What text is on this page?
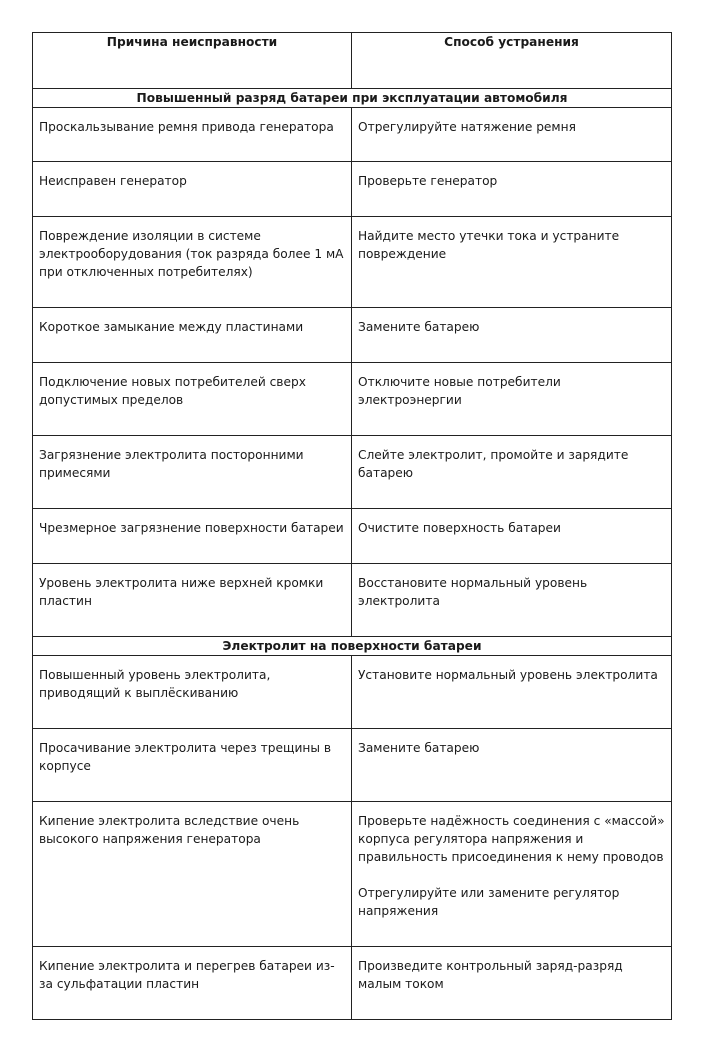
Причина неисправности	Способ устранения
Повышенный разряд батареи при эксплуатации автомобиля	

Проскальзывание ремня привода генератора	Отрегулируйте натяжение ремня

Неисправен генератор	Проверьте генератор

Повреждение изоляции в системе электрооборудования (ток разряда более 1 мА при отключенных потребителях)	Найдите место утечки тока и устраните повреждение

Короткое замыкание между пластинами	Замените батарею

Подключение новых потребителей сверх допустимых пределов	Отключите новые потребители электроэнергии

Загрязнение электролита посторонними примесями	Слейте электролит, промойте и зарядите батарею

Чрезмерное загрязнение поверхности батареи	Очистите поверхность батареи

Уровень электролита ниже верхней кромки пластин	Восстановите нормальный уровень электролита

Электролит на поверхности батареи	

Повышенный уровень электролита, приводящий к выплёскиванию	Установите нормальный уровень электролита

Просачивание электролита через трещины в корпусе	Замените батарею

Кипение электролита вследствие очень высокого напряжения генератора	Проверьте надёжность соединения с «массой» корпуса регулятора напряжения и правильность присоединения к нему проводов
Отрегулируйте или замените регулятор напряжения

Кипение электролита и перегрев батареи из-за сульфатации пластин	Произведите контрольный заряд-разряд малым током
